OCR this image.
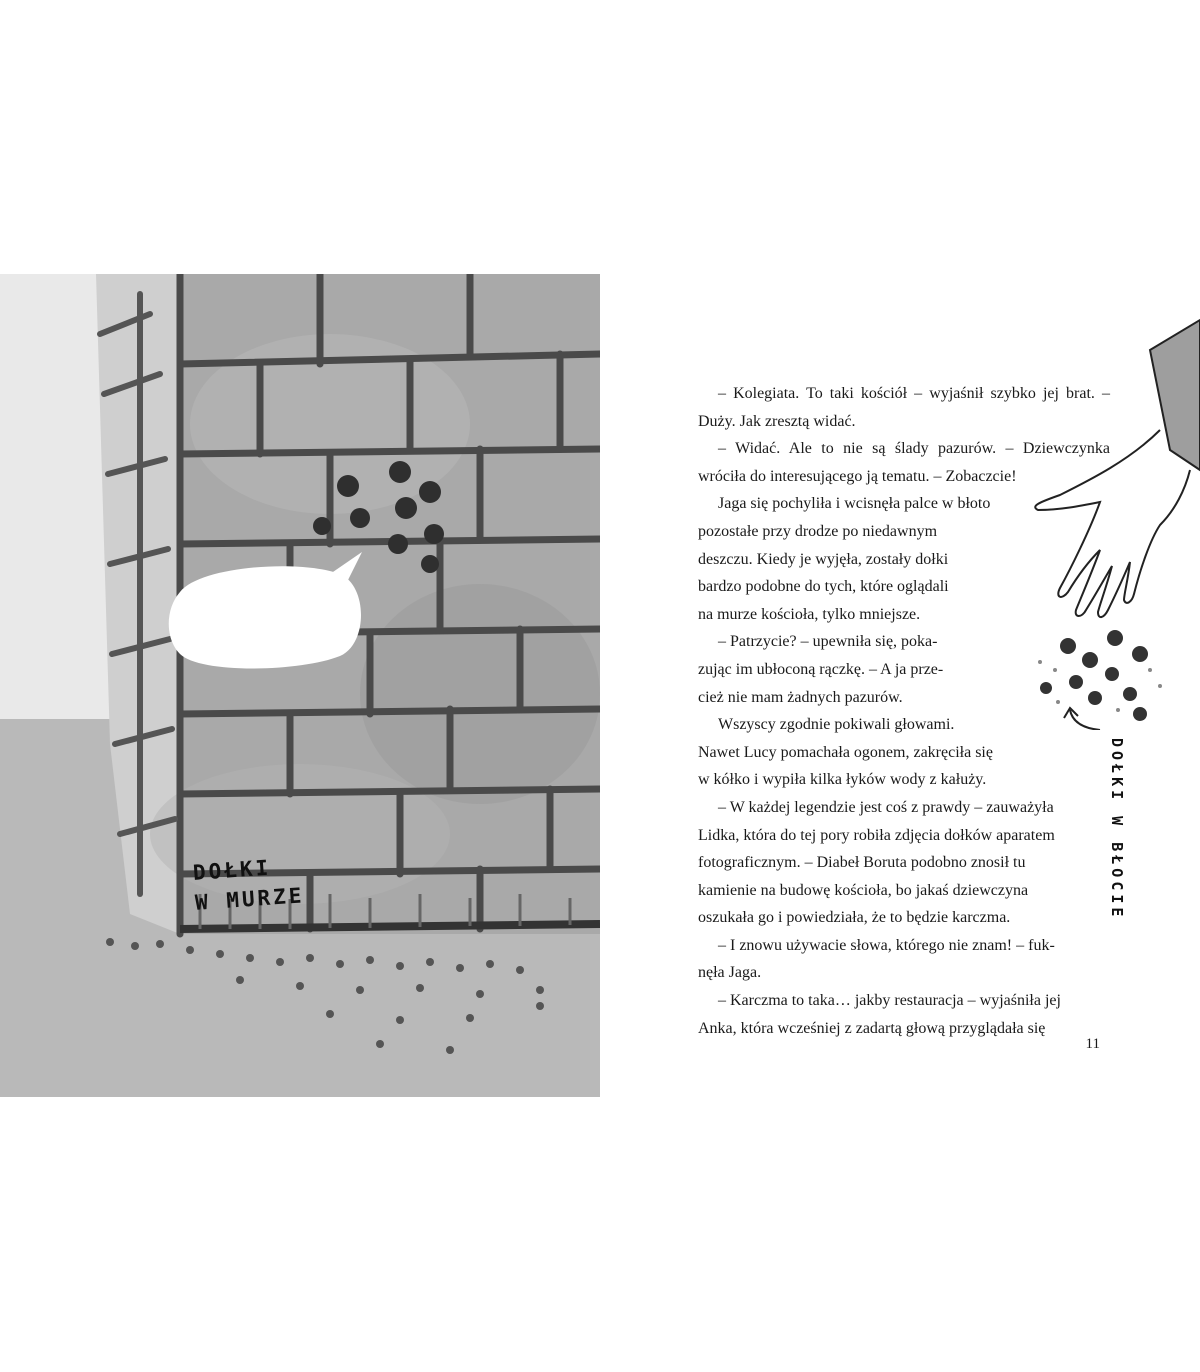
DOŁKI
W MURZE

– Kolegiata. To taki kościół – wyjaśnił szybko jej brat. –
Duży. Jak zresztą widać.

– Widać. Ale to nie są ślady pazurów. – Dziewczynka
wróciła do interesującego ją tematu. – Zobaczcie!

Jaga się pochyliła i wcisnęła palce w błoto
pozostałe przy drodze po niedawnym
deszczu. Kiedy je wyjęła, zostały dołki
bardzo podobne do tych, które oglądali
na murze kościoła, tylko mniejsze.

– Patrzycie? – upewniła się, poka-
zując im ubłoconą rączkę. – A ja prze-
cież nie mam żadnych pazurów.

Wszyscy zgodnie pokiwali głowami.
Nawet Lucy pomachała ogonem, zakręciła się
w kółko i wypiła kilka łyków wody z kałuży.

– W każdej legendzie jest coś z prawdy – zauważyła
Lidka, która do tej pory robiła zdjęcia dołków aparatem
fotograficznym. – Diabeł Boruta podobno znosił tu
kamienie na budowę kościoła, bo jakaś dziewczyna
oszukała go i powiedziała, że to będzie karczma.

– I znowu używacie słowa, którego nie znam! – fuk-
nęła Jaga.

– Karczma to taka… jakby restauracja – wyjaśniła jej
Anka, która wcześniej z zadartą głową przyglądała się

DOŁKI W BŁOCIE
11
